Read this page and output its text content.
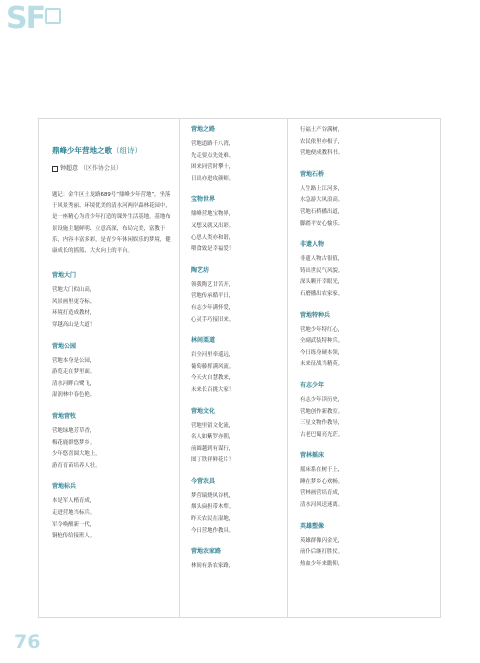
SF
鼎峰少年营地之歌（组诗）
钟超意 （区作协会员）
题记：金牛区土龙路689号“鼎峰少年营地”，坐落于风景秀丽、环境优美的清水河两岸森林花园中，是一座精心为青少年打造的课外生活基地。基地布景设施主题鲜明、立意高深，布局完美，富教于乐，内容丰富多彩，是青少年休闲娱乐的梦境，健康成长的摇篮、大火向上的平台。
营地大门
营地大门似山高，
风景画里更夺标。
环境打造成教材，
穿越高山是大道！
营地公园
营地本身是公园，
游览走在梦里面。
清水河畔白鹭飞，
湿润林中春色艳。
营地营牧
营地绿地芳草香，
梅花鹿群悠梦乡。
少年悠喜圆大地上，
游育育苗培养人壮。
营地标兵
本是军人楷育成，
走进营地当标兵。
军令唤醒新一代，
铜枪传给接班人。
营地之路
营地道路千八湾，
先走要点先处难。
困来同营时攀十，
日出亦进攻颜师。
宝物世界
鼎峰营地宝物界，
又想又就又出彩。
心思人类亦和谐，
喂食致是幸福爱！
陶艺坊
领我陶艺甘苦开，
营地传承循平日，
有志少年满怀爱，
心灵手巧接旧来。
林间栗道
岩全河里牵遥远，
葡萄藤挥满风流。
今天火自慧教来，
未来长百挑大家！
营地文化
营地里留文化流，
名人如紫罗亦朝，
前圆越到有谋行，
图丁铁祥鲜花片！
今营农具
梦营瑞烧风谷机，
烟头扁担带木犁。
昨天农民在湿地，
今日营地作教具。
营地农家路
林间有条农家路，
行福土产谷满树，
农民依里亦根子，
营地便成教科书。
营地石桥
人生路上江河多，
水急游大风浪高。
营地石桥播出道，
脚踏平安心愉乐。
非遗人物
非遗人物古很值，
铸出世民气风貌。
深头颗开幸眼光，
石磨播出农家家。
营地特种兵
营地少年特红心，
全副武装特种兵。
今日练身硬本领，
未来征战当精英。
有志少年
有志少年读历史，
营地创作新教室。
三星文物作教导，
古老巴蜀亮光茫。
营林摇床
摇床系在树于上，
睡在梦乡心欢畅。
营林画营培育成，
清水河风送迷离。
英雄塑像
英雄群像闪金光，
前仆后继打胜仗。
热血少年来瞻仰，
76
